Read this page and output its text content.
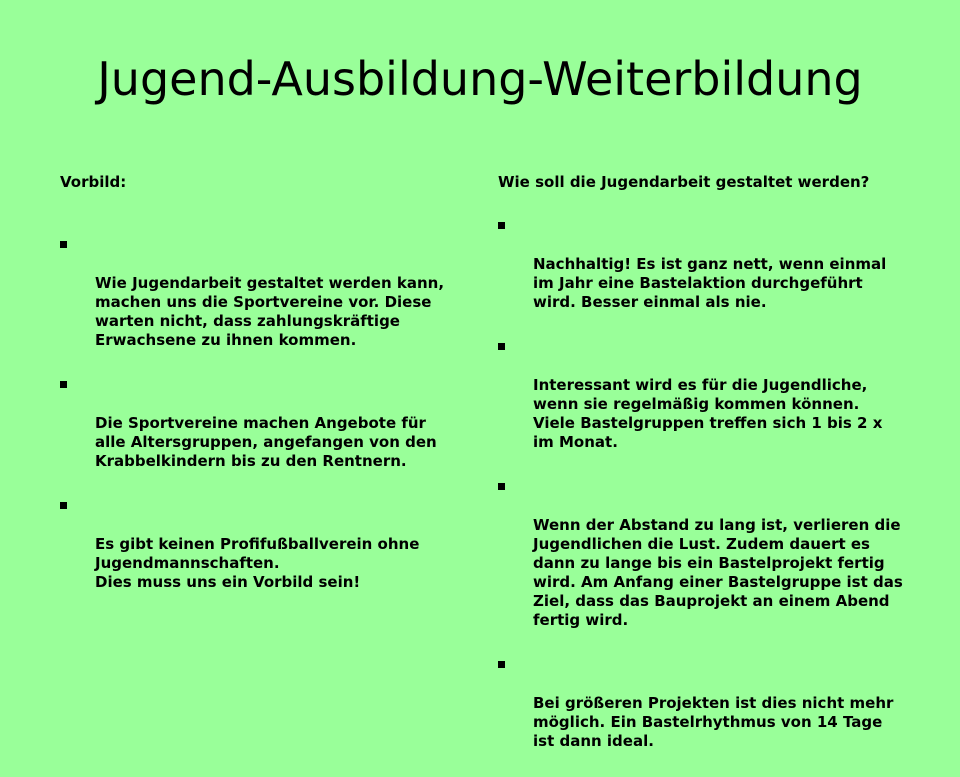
Jugend-Ausbildung-Weiterbildung

Vorbild:

Wie Jugendarbeit gestaltet werden kann, machen uns die Sportvereine vor. Diese warten nicht, dass zahlungskräftige Erwachsene zu ihnen kommen.

Die Sportvereine machen Angebote für alle Altersgruppen, angefangen von den Krabbelkindern bis zu den Rentnern.

Es gibt keinen Profifußballverein ohne Jugendmannschaften.
Dies muss uns ein Vorbild sein!

Wie soll die Jugendarbeit gestaltet werden?

Nachhaltig! Es ist ganz nett, wenn einmal im Jahr eine Bastelaktion durchgeführt wird. Besser einmal als nie.

Interessant wird es für die Jugendliche, wenn sie regelmäßig kommen können. Viele Bastelgruppen treffen sich 1 bis 2 x im Monat.

Wenn der Abstand zu lang ist, verlieren die Jugendlichen die Lust. Zudem dauert es dann zu lange bis ein Bastelprojekt fertig wird. Am Anfang einer Bastelgruppe ist das Ziel, dass das Bauprojekt an einem Abend fertig wird.

Bei größeren Projekten ist dies nicht mehr möglich. Ein Bastelrhythmus von 14 Tage ist dann ideal.
